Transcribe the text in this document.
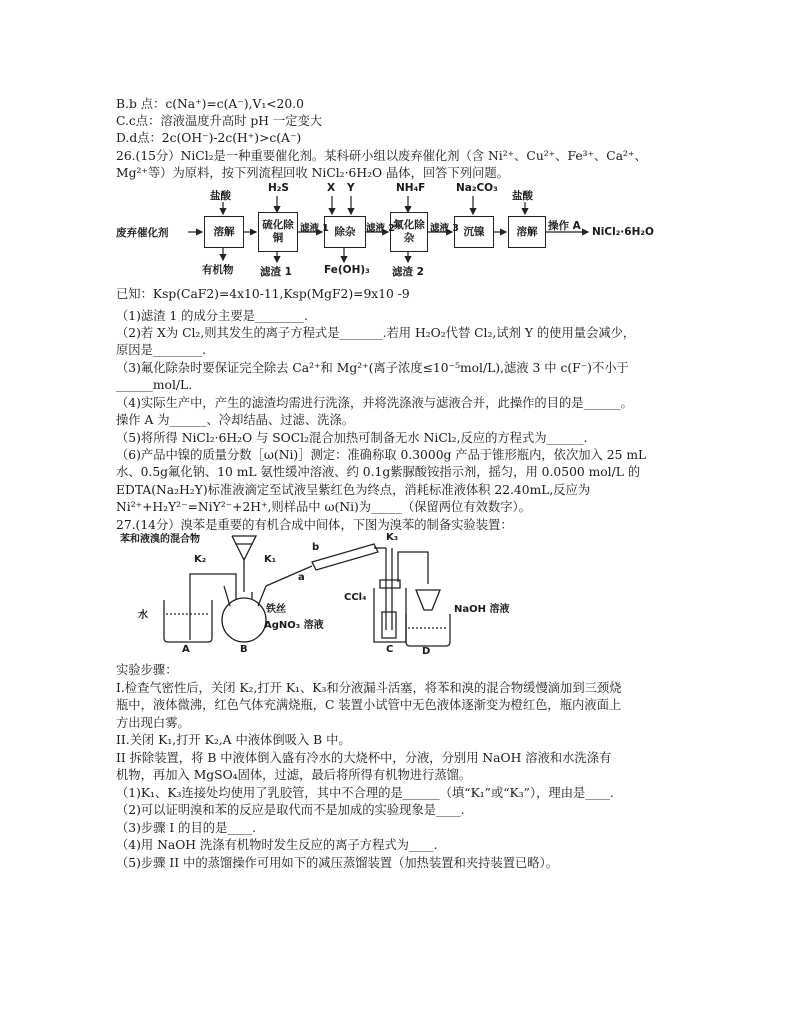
B.b 点：c(Na⁺)=c(A⁻),V₁<20.0
C.c点：溶液温度升高时 pH 一定变大
D.d点：2c(OH⁻)-2c(H⁺)>c(A⁻)
26.(15分）NiCl₂是一种重要催化剂。某科研小组以废弃催化剂（含 Ni²⁺、Cu²⁺、Fe³⁺、Ca²⁺、
Mg²⁺等）为原料，按下列流程回收 NiCl₂·6H₂O 晶体，回答下列问题。
废弃催化剂	溶解
硫化除铜
除杂
氟化除杂
沉镍	溶解
盐酸
H₂S	X Y	NH₄F	Na₂CO₃
盐酸
滤液 1	滤液 2	滤液 3
有机物	滤渣 1	Fe(OH)₃ 滤渣 2
操作 A NiCl₂·6H₂O
已知：Ksp(CaF2)=4x10-11,Ksp(MgF2)=9x10 -9
（1)滤渣 1 的成分主要是________.
（2)若 X为 Cl₂,则其发生的离子方程式是_______.若用 H₂O₂代替 Cl₂,试剂 Y 的使用量会减少，
原因是________.
（3)氟化除杂时要保证完全除去 Ca²⁺和 Mg²⁺(离子浓度≤10⁻⁵mol/L),滤液 3 中 c(F⁻)不小于
______mol/L.
（4)实际生产中，产生的滤渣均需进行洗涤，并将洗涤液与滤液合并，此操作的目的是______。
操作 A 为______、冷却结晶、过滤、洗涤。
（5)将所得 NiCl₂·6H₂O 与 SOCl₂混合加热可制备无水 NiCl₂,反应的方程式为______.
（6)产品中镍的质量分数［ω(Ni)］测定：准确称取 0.3000g 产品于锥形瓶内，依次加入 25 mL
水、0.5g氟化钠、10 mL 氨性缓冲溶液、约 0.1g紫脲酸铵指示剂，摇匀，用 0.0500 mol/L 的
EDTA(Na₂H₂Y)标准液滴定至试液呈紫红色为终点，消耗标准液体积 22.40mL,反应为
Ni²⁺+H₂Y²⁻=NiY²⁻+2H⁺,则样品中 ω(Ni)为_____（保留两位有效数字）。
27.(14分）溴苯是重要的有机合成中间体，下图为溴苯的制备实验装置：
苯和液溴的混合物
K₂	K₁
K₃
a
b
水
铁丝
AgNO₃ 溶液
CCl₄
NaOH 溶液
A	B	C	D
实验步骤：
I.检查气密性后，关闭 K₂,打开 K₁、K₃和分液漏斗活塞，将苯和溴的混合物缓慢滴加到三颈烧
瓶中，液体微沸，红色气体充满烧瓶，C 装置小试管中无色液体逐渐变为橙红色，瓶内液面上
方出现白雾。
II.关闭 K₁,打开 K₂,A 中液体倒吸入 B 中。
II 拆除装置，将 B 中液体倒入盛有冷水的大烧杯中，分液，分别用 NaOH 溶液和水洗涤有
机物，再加入 MgSO₄固体，过滤，最后将所得有机物进行蒸馏。
（1)K₁、K₃连接处均使用了乳胶管，其中不合理的是______（填“K₁”或“K₃”），理由是____.
（2)可以证明溴和苯的反应是取代而不是加成的实验现象是____.
（3)步骤 I 的目的是____.
（4)用 NaOH 洗涤有机物时发生反应的离子方程式为____.
（5)步骤 II 中的蒸馏操作可用如下的减压蒸馏装置（加热装置和夹持装置已略）。
